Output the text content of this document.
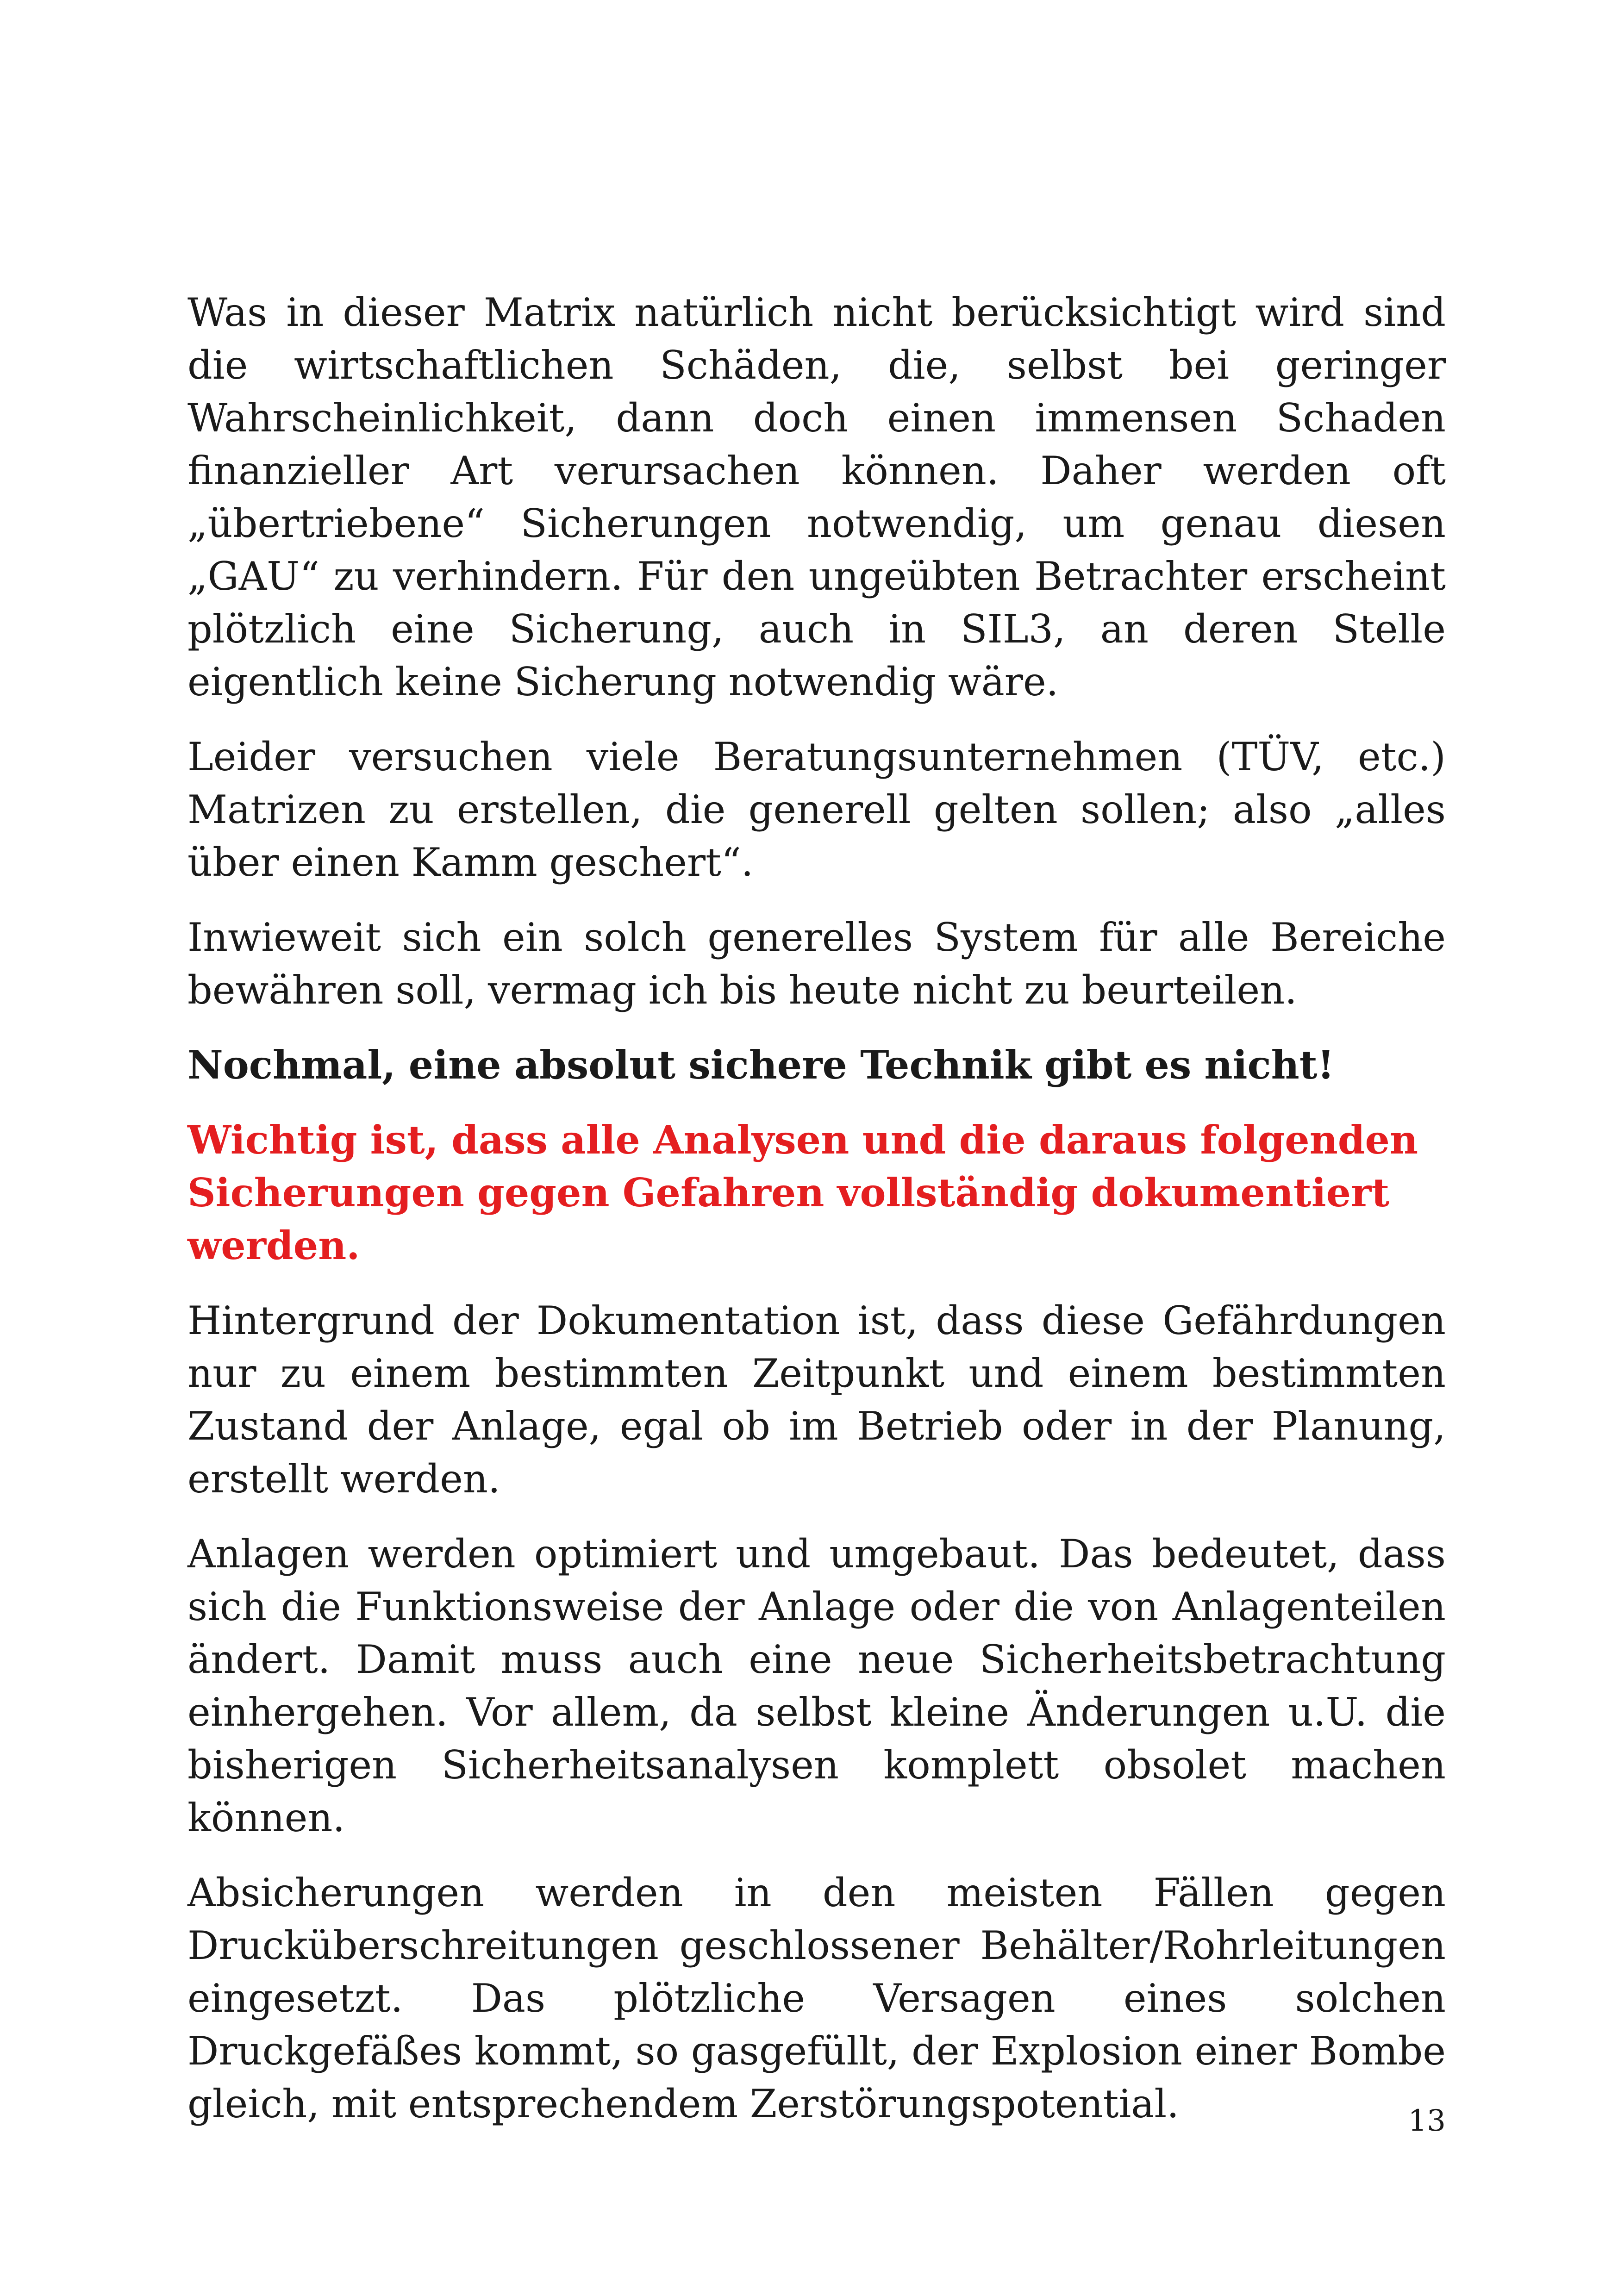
Was in dieser Matrix natürlich nicht berücksichtigt wird sind die wirtschaftlichen Schäden, die, selbst bei geringer Wahrscheinlichkeit, dann doch einen immensen Schaden finanzieller Art verursachen können. Daher werden oft „übertriebene“ Sicherungen notwendig, um genau diesen „GAU“ zu verhindern. Für den ungeübten Betrachter erscheint plötzlich eine Sicherung, auch in SIL3, an deren Stelle eigentlich keine Sicherung notwendig wäre.

Leider versuchen viele Beratungsunternehmen (TÜV, etc.) Matrizen zu erstellen, die generell gelten sollen; also „alles über einen Kamm geschert“.

Inwieweit sich ein solch generelles System für alle Bereiche bewähren soll, vermag ich bis heute nicht zu beurteilen.

Nochmal, eine absolut sichere Technik gibt es nicht!

Wichtig ist, dass alle Analysen und die daraus folgenden Sicherungen gegen Gefahren vollständig dokumentiert werden.

Hintergrund der Dokumentation ist, dass diese Gefährdungen nur zu einem bestimmten Zeitpunkt und einem bestimmten Zustand der Anlage, egal ob im Betrieb oder in der Planung, erstellt werden.

Anlagen werden optimiert und umgebaut. Das bedeutet, dass sich die Funktionsweise der Anlage oder die von Anlagenteilen ändert. Damit muss auch eine neue Sicherheitsbetrachtung einhergehen. Vor allem, da selbst kleine Änderungen u.U. die bisherigen Sicherheitsanalysen komplett obsolet machen können.

Absicherungen werden in den meisten Fällen gegen Drucküberschreitungen geschlossener Behälter/Rohrleitungen eingesetzt. Das plötzliche Versagen eines solchen Druckgefäßes kommt, so gasgefüllt, der Explosion einer Bombe gleich, mit entsprechendem Zerstörungspotential.	13
